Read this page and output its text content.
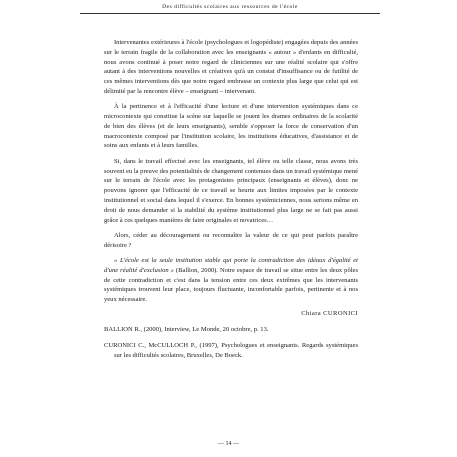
Des difficultés scolaires aux ressources de l'école

Intervenantes extérieures à l'école (psychologues et logopédiste) engagées depuis des années sur le terrain fragile de la collaboration avec les enseignants « autour » d'enfants en difficulté, nous avons continué à poser notre regard de cliniciennes sur une réalité scolaire qui s'offre autant à des interventions nouvelles et créatives qu'à un constat d'insuffisance ou de futilité de ces mêmes interventions dès que notre regard embrasse un contexte plus large que celui qui est délimité par la rencontre élève – enseignant – intervenant.

À la pertinence et à l'efficacité d'une lecture et d'une intervention systémiques dans ce microcontexte qui constitue la scène sur laquelle se jouent les drames ordinaires de la scolarité de bien des élèves (et de leurs enseignants), semble s'opposer la force de conservation d'un macrocontexte composé par l'institution scolaire, les institutions éducatives, d'assistance et de soins aux enfants et à leurs familles.

Si, dans le travail effectué avec les enseignants, tel élève ou telle classe, nous avons très souvent eu la preuve des potentialités de changement contenues dans un travail systémique mené sur le terrain de l'école avec les protagonistes principaux (enseignants et élèves), donc ne pouvons ignorer que l'efficacité de ce travail se heurte aux limites imposées par le contexte institutionnel et social dans lequel il s'exerce. En bonnes systémiciennes, nous serions même en droit de nous demander si la stabilité du système institutionnel plus large ne se fait pas aussi grâce à ces quelques manières de faire originales et novatrices…

Alors, céder au découragement ou reconnaître la valeur de ce qui peut parfois paraître dérisoire ?

« L'école est la seule institution stable qui porte la contradiction des idéaux d'égalité et d'une réalité d'exclusion » (Ballion, 2000). Notre espace de travail se situe entre les deux pôles de cette contradiction et c'est dans la tension entre ces deux extrêmes que les intervenants systémiques trouvent leur place, toujours fluctuante, inconfortable parfois, pertinente et à nos yeux nécessaire.

Chiara CURONICI

BALLION R., (2000), Interview, Le Monde, 20 octobre, p. 13.

CURONICI C., McCULLOCH P., (1997), Psychologues et enseignants. Regards systémiques sur les difficultés scolaires, Bruxelles, De Boeck.

— 14 —
